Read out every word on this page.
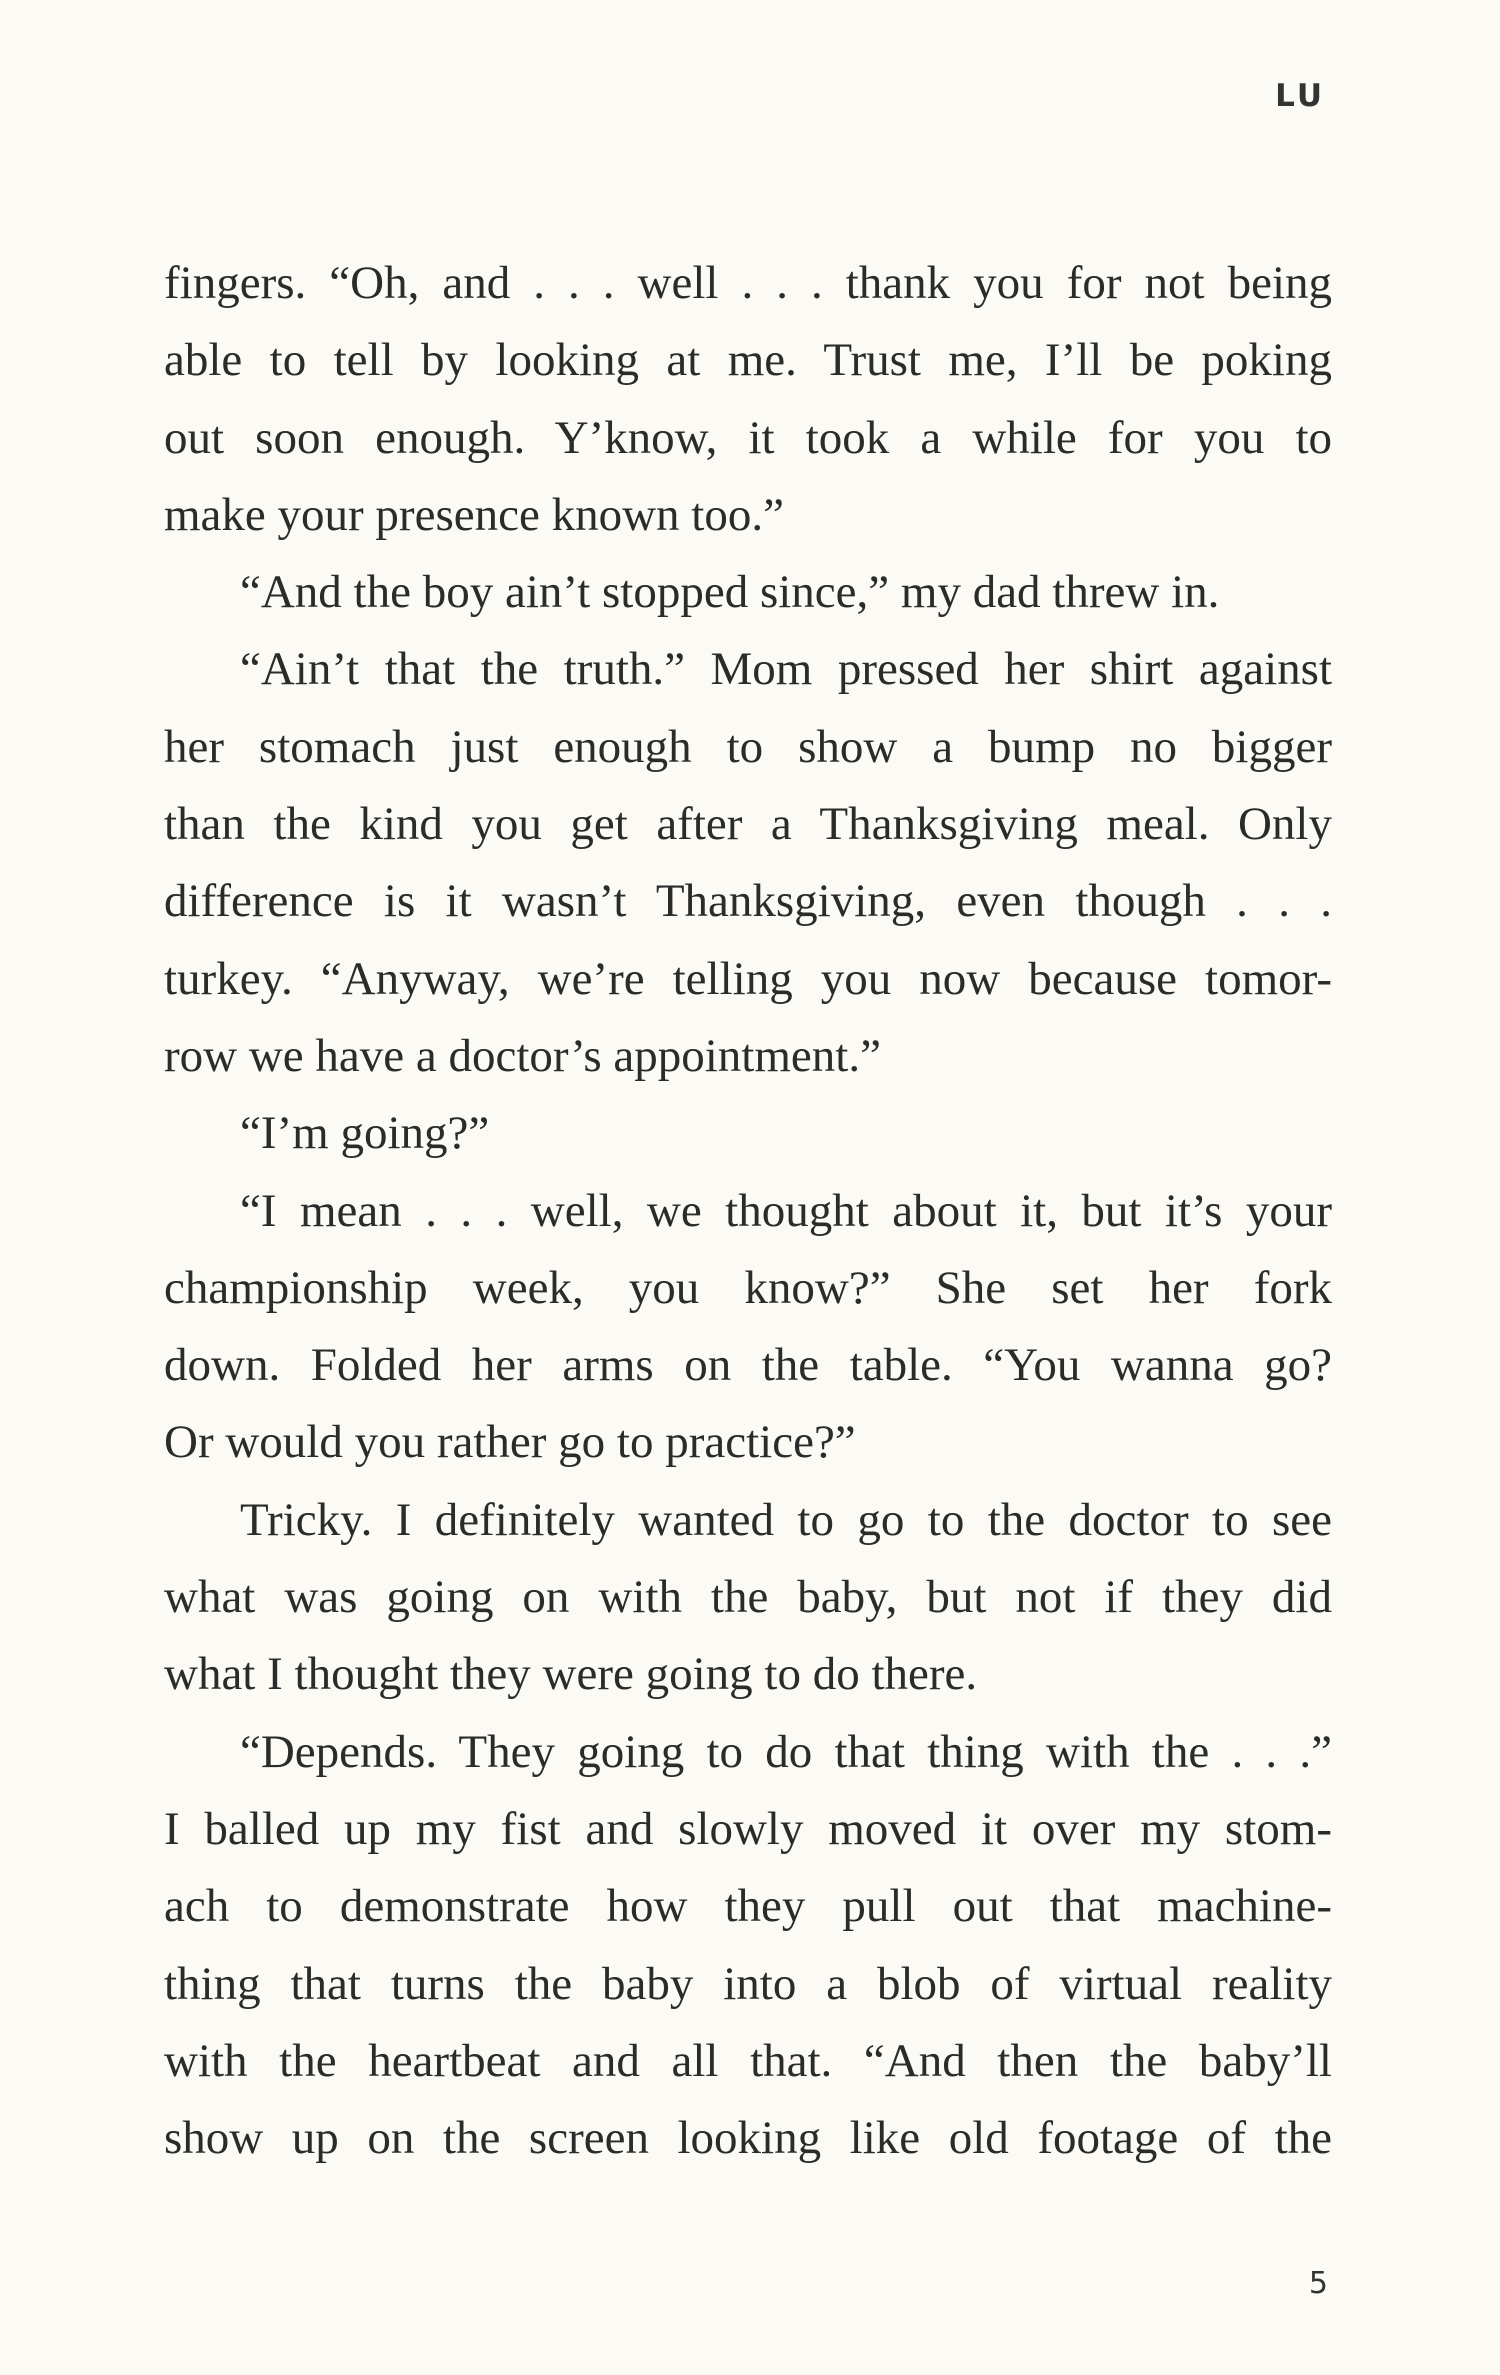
LU
fingers. “Oh, and . . . well . . . thank you for not being
able to tell by looking at me. Trust me, I’ll be poking
out soon enough. Y’know, it took a while for you to
make your presence known too.”
“And the boy ain’t stopped since,” my dad threw in.
“Ain’t that the truth.” Mom pressed her shirt against
her stomach just enough to show a bump no bigger
than the kind you get after a Thanksgiving meal. Only
difference is it wasn’t Thanksgiving, even though . . .
turkey. “Anyway, we’re telling you now because tomor-
row we have a doctor’s appointment.”
“I’m going?”
“I mean . . . well, we thought about it, but it’s your
championship week, you know?” She set her fork
down. Folded her arms on the table. “You wanna go?
Or would you rather go to practice?”
Tricky. I definitely wanted to go to the doctor to see
what was going on with the baby, but not if they did
what I thought they were going to do there.
“Depends. They going to do that thing with the . . .”
I balled up my fist and slowly moved it over my stom-
ach to demonstrate how they pull out that machine-
thing that turns the baby into a blob of virtual reality
with the heartbeat and all that. “And then the baby’ll
show up on the screen looking like old footage of the
5
